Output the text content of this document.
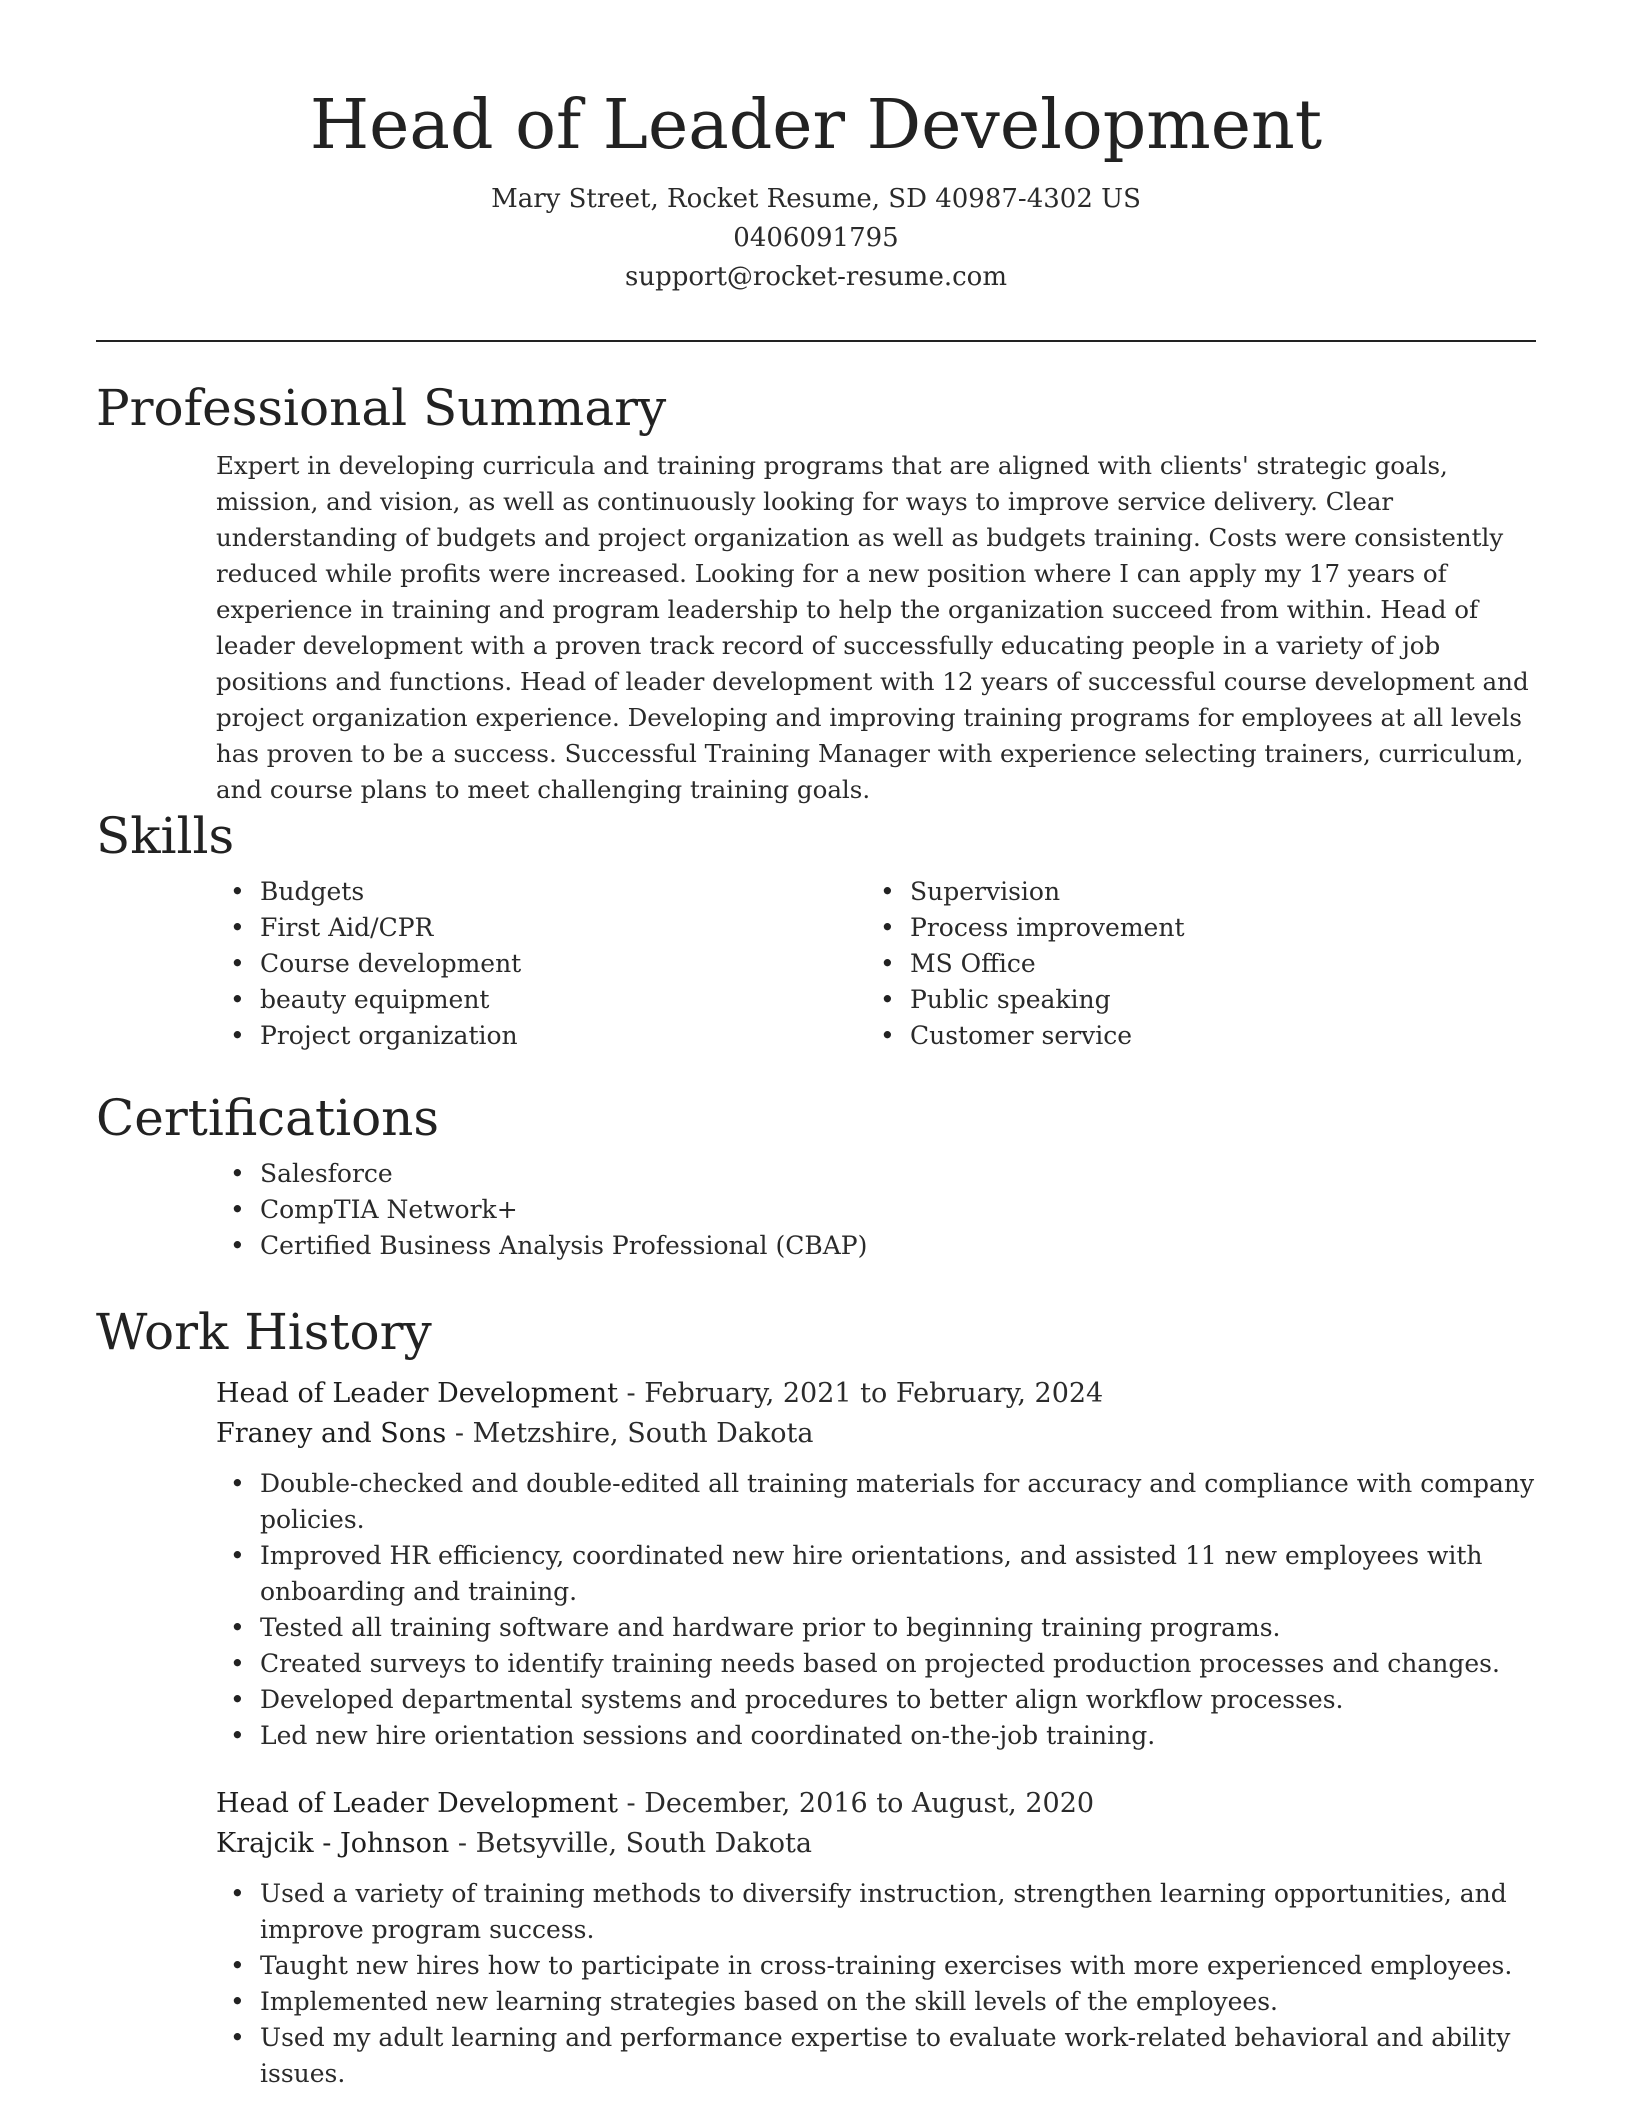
Head of Leader Development
Mary Street, Rocket Resume, SD 40987-4302 US
0406091795
support@rocket-resume.com
Professional Summary
Expert in developing curricula and training programs that are aligned with clients' strategic goals, mission, and vision, as well as continuously looking for ways to improve service delivery. Clear understanding of budgets and project organization as well as budgets training. Costs were consistently reduced while profits were increased. Looking for a new position where I can apply my 17 years of experience in training and program leadership to help the organization succeed from within. Head of leader development with a proven track record of successfully educating people in a variety of job positions and functions. Head of leader development with 12 years of successful course development and project organization experience. Developing and improving training programs for employees at all levels has proven to be a success. Successful Training Manager with experience selecting trainers, curriculum, and course plans to meet challenging training goals.
Skills
• Budgets
• First Aid/CPR
• Course development
• beauty equipment
• Project organization
• Supervision
• Process improvement
• MS Office
• Public speaking
• Customer service
Certifications
• Salesforce
• CompTIA Network+
• Certified Business Analysis Professional (CBAP)
Work History
Head of Leader Development - February, 2021 to February, 2024
Franey and Sons - Metzshire, South Dakota
• Double-checked and double-edited all training materials for accuracy and compliance with company policies.
• Improved HR efficiency, coordinated new hire orientations, and assisted 11 new employees with onboarding and training.
• Tested all training software and hardware prior to beginning training programs.
• Created surveys to identify training needs based on projected production processes and changes.
• Developed departmental systems and procedures to better align workflow processes.
• Led new hire orientation sessions and coordinated on-the-job training.
Head of Leader Development - December, 2016 to August, 2020
Krajcik - Johnson - Betsyville, South Dakota
• Used a variety of training methods to diversify instruction, strengthen learning opportunities, and improve program success.
• Taught new hires how to participate in cross-training exercises with more experienced employees.
• Implemented new learning strategies based on the skill levels of the employees.
• Used my adult learning and performance expertise to evaluate work-related behavioral and ability issues.
